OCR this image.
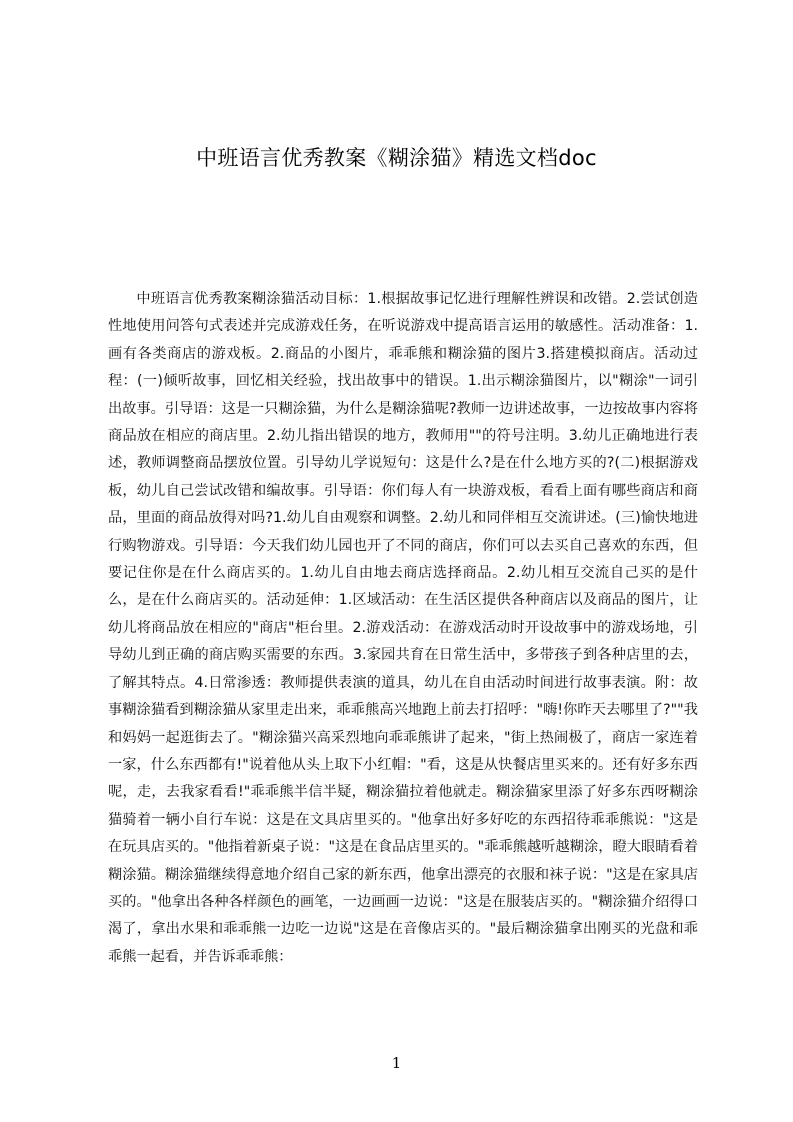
中班语言优秀教案《糊涂猫》精选文档doc

中班语言优秀教案糊涂猫活动目标：1.根据故事记忆进行理解性辨误和改错。2.尝试创造性地使用问答句式表述并完成游戏任务，在听说游戏中提高语言运用的敏感性。活动准备：1.画有各类商店的游戏板。2.商品的小图片，乖乖熊和糊涂猫的图片3.搭建模拟商店。活动过程：(一)倾听故事，回忆相关经验，找出故事中的错误。1.出示糊涂猫图片，以"糊涂"一词引出故事。引导语：这是一只糊涂猫，为什么是糊涂猫呢?教师一边讲述故事，一边按故事内容将商品放在相应的商店里。2.幼儿指出错误的地方，教师用""的符号注明。3.幼儿正确地进行表述，教师调整商品摆放位置。引导幼儿学说短句：这是什么?是在什么地方买的?(二)根据游戏板，幼儿自己尝试改错和编故事。引导语：你们每人有一块游戏板，看看上面有哪些商店和商品，里面的商品放得对吗?1.幼儿自由观察和调整。2.幼儿和同伴相互交流讲述。(三)愉快地进行购物游戏。引导语：今天我们幼儿园也开了不同的商店，你们可以去买自己喜欢的东西，但要记住你是在什么商店买的。1.幼儿自由地去商店选择商品。2.幼儿相互交流自己买的是什么，是在什么商店买的。活动延伸：1.区域活动：在生活区提供各种商店以及商品的图片，让幼儿将商品放在相应的"商店"柜台里。2.游戏活动：在游戏活动时开设故事中的游戏场地，引导幼儿到正确的商店购买需要的东西。3.家园共育在日常生活中，多带孩子到各种店里的去，了解其特点。4.日常渗透：教师提供表演的道具，幼儿在自由活动时间进行故事表演。附：故事糊涂猫看到糊涂猫从家里走出来，乖乖熊高兴地跑上前去打招呼："嗨!你昨天去哪里了?""我和妈妈一起逛街去了。"糊涂猫兴高采烈地向乖乖熊讲了起来，"街上热闹极了，商店一家连着一家，什么东西都有!"说着他从头上取下小红帽："看，这是从快餐店里买来的。还有好多东西呢，走，去我家看看!"乖乖熊半信半疑，糊涂猫拉着他就走。糊涂猫家里添了好多东西呀糊涂猫骑着一辆小自行车说：这是在文具店里买的。"他拿出好多好吃的东西招待乖乖熊说："这是在玩具店买的。"他指着新桌子说："这是在食品店里买的。"乖乖熊越听越糊涂，瞪大眼睛看着糊涂猫。糊涂猫继续得意地介绍自己家的新东西，他拿出漂亮的衣服和袜子说："这是在家具店买的。"他拿出各种各样颜色的画笔，一边画画一边说："这是在服装店买的。"糊涂猫介绍得口渴了，拿出水果和乖乖熊一边吃一边说"这是在音像店买的。"最后糊涂猫拿出刚买的光盘和乖乖熊一起看，并告诉乖乖熊：

1
